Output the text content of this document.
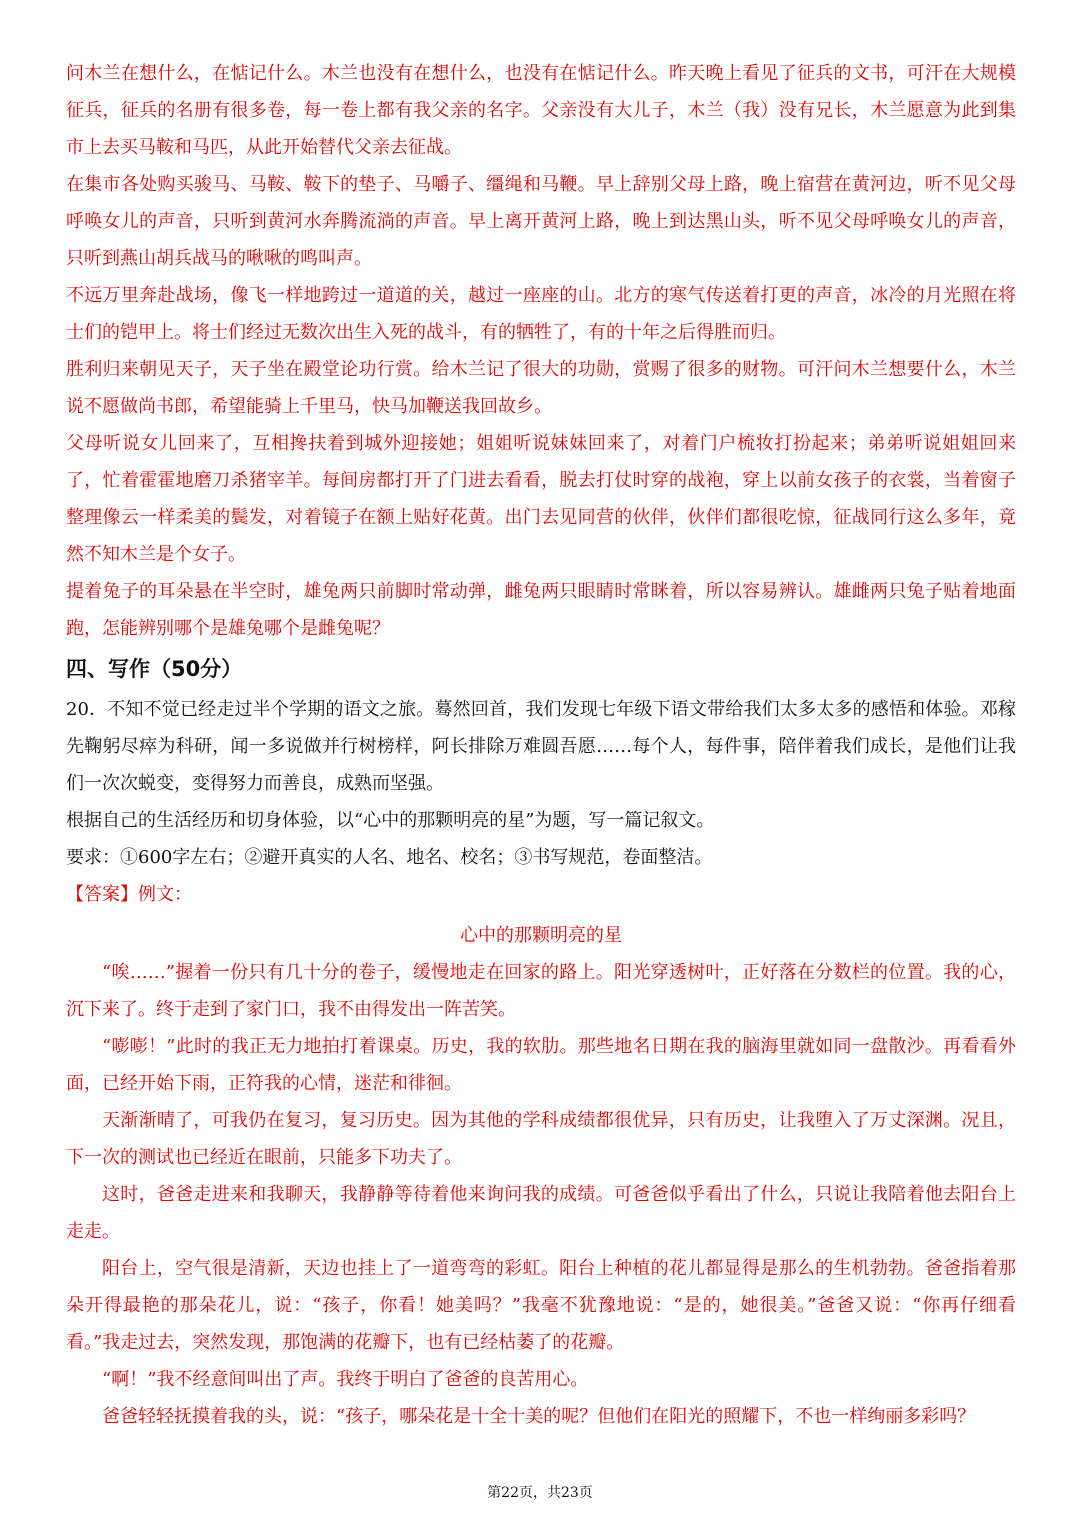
问木兰在想什么，在惦记什么。木兰也没有在想什么，也没有在惦记什么。昨天晚上看见了征兵的文书，可汗在大规模征兵，征兵的名册有很多卷，每一卷上都有我父亲的名字。父亲没有大儿子，木兰（我）没有兄长，木兰愿意为此到集市上去买马鞍和马匹，从此开始替代父亲去征战。

在集市各处购买骏马、马鞍、鞍下的垫子、马嚼子、缰绳和马鞭。早上辞别父母上路，晚上宿营在黄河边，听不见父母呼唤女儿的声音，只听到黄河水奔腾流淌的声音。早上离开黄河上路，晚上到达黑山头，听不见父母呼唤女儿的声音，只听到燕山胡兵战马的啾啾的鸣叫声。

不远万里奔赴战场，像飞一样地跨过一道道的关，越过一座座的山。北方的寒气传送着打更的声音，冰冷的月光照在将士们的铠甲上。将士们经过无数次出生入死的战斗，有的牺牲了，有的十年之后得胜而归。

胜利归来朝见天子，天子坐在殿堂论功行赏。给木兰记了很大的功勋，赏赐了很多的财物。可汗问木兰想要什么，木兰说不愿做尚书郎，希望能骑上千里马，快马加鞭送我回故乡。

父母听说女儿回来了，互相搀扶着到城外迎接她；姐姐听说妹妹回来了，对着门户梳妆打扮起来；弟弟听说姐姐回来了，忙着霍霍地磨刀杀猪宰羊。每间房都打开了门进去看看，脱去打仗时穿的战袍，穿上以前女孩子的衣裳，当着窗子整理像云一样柔美的鬓发，对着镜子在额上贴好花黄。出门去见同营的伙伴，伙伴们都很吃惊，征战同行这么多年，竟然不知木兰是个女子。

提着兔子的耳朵悬在半空时，雄兔两只前脚时常动弹，雌兔两只眼睛时常眯着，所以容易辨认。雄雌两只兔子贴着地面跑，怎能辨别哪个是雄兔哪个是雌兔呢？

四、写作（50分）

20．不知不觉已经走过半个学期的语文之旅。蓦然回首，我们发现七年级下语文带给我们太多太多的感悟和体验。邓稼先鞠躬尽瘁为科研，闻一多说做并行树榜样，阿长排除万难圆吾愿……每个人，每件事，陪伴着我们成长，是他们让我们一次次蜕变，变得努力而善良，成熟而坚强。

根据自己的生活经历和切身体验，以“心中的那颗明亮的星”为题，写一篇记叙文。

要求：①600字左右；②避开真实的人名、地名、校名；③书写规范，卷面整洁。

【答案】例文：

心中的那颗明亮的星

“唉……”握着一份只有几十分的卷子，缓慢地走在回家的路上。阳光穿透树叶，正好落在分数栏的位置。我的心，沉下来了。终于走到了家门口，我不由得发出一阵苦笑。

“嘭嘭！”此时的我正无力地拍打着课桌。历史，我的软肋。那些地名日期在我的脑海里就如同一盘散沙。再看看外面，已经开始下雨，正符我的心情，迷茫和徘徊。

天渐渐晴了，可我仍在复习，复习历史。因为其他的学科成绩都很优异，只有历史，让我堕入了万丈深渊。况且，下一次的测试也已经近在眼前，只能多下功夫了。

这时，爸爸走进来和我聊天，我静静等待着他来询问我的成绩。可爸爸似乎看出了什么，只说让我陪着他去阳台上走走。

阳台上，空气很是清新，天边也挂上了一道弯弯的彩虹。阳台上种植的花儿都显得是那么的生机勃勃。爸爸指着那朵开得最艳的那朵花儿，说：“孩子，你看！她美吗？”我毫不犹豫地说：“是的，她很美。”爸爸又说：“你再仔细看看。”我走过去，突然发现，那饱满的花瓣下，也有已经枯萎了的花瓣。

“啊！”我不经意间叫出了声。我终于明白了爸爸的良苦用心。

爸爸轻轻抚摸着我的头，说：“孩子，哪朵花是十全十美的呢？但他们在阳光的照耀下，不也一样绚丽多彩吗？

第22页，共23页
